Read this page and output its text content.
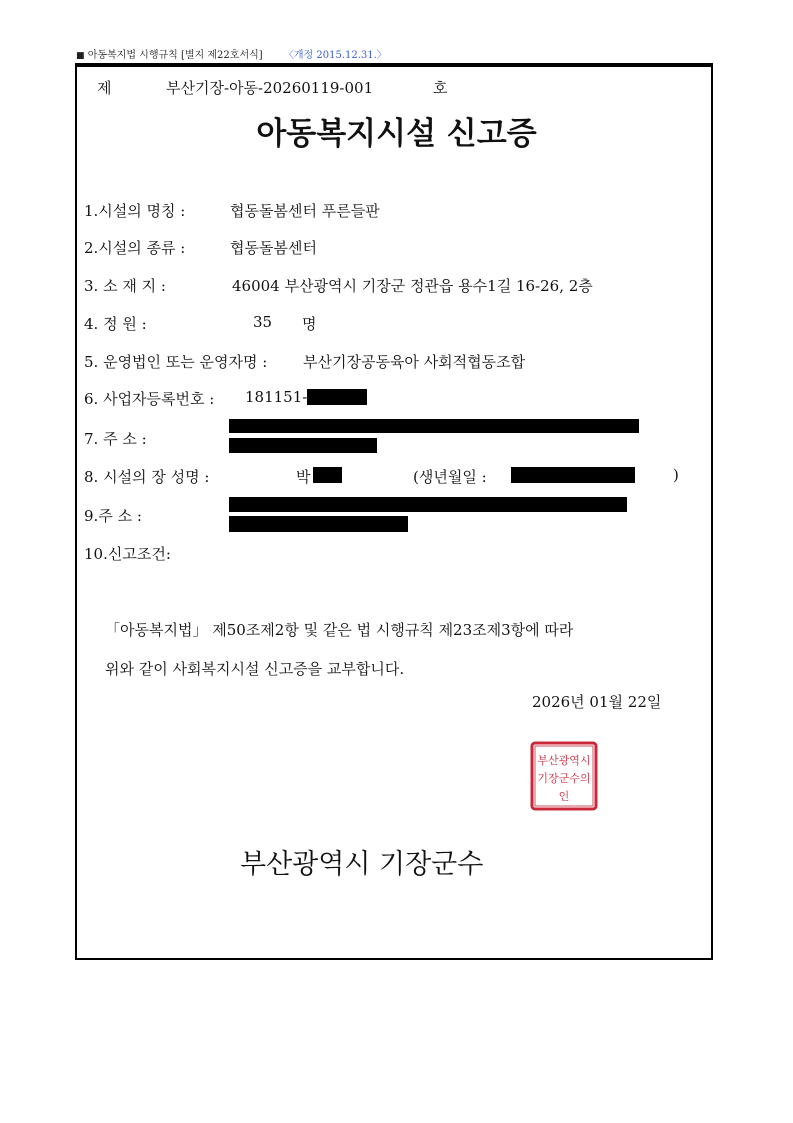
■ 아동복지법 시행규칙 [별지 제22호서식] 〈개정 2015.12.31.〉
제	부산기장-아동-20260119-001	호
아동복지시설 신고증
1.시설의 명칭 :	협동돌봄센터 푸른들판
2.시설의 종류 :	협동돌봄센터
3. 소 재 지 :	46004 부산광역시 기장군 정관읍 용수1길 16-26, 2층
4. 정 원 :	35 명
5. 운영법인 또는 운영자명 : 부산기장공동육아 사회적협동조합
6. 사업자등록번호 : 181151-
7. 주 소 :
8. 시설의 장 성명 :	박	(생년월일 :	)
9.주 소 :
10.신고조건:
「아동복지법」 제50조제2항 및 같은 법 시행규칙 제23조제3항에 따라
위와 같이 사회복지시설 신고증을 교부합니다.
2026년 01월 22일
부산광역시
기장군수의
인
부산광역시 기장군수
